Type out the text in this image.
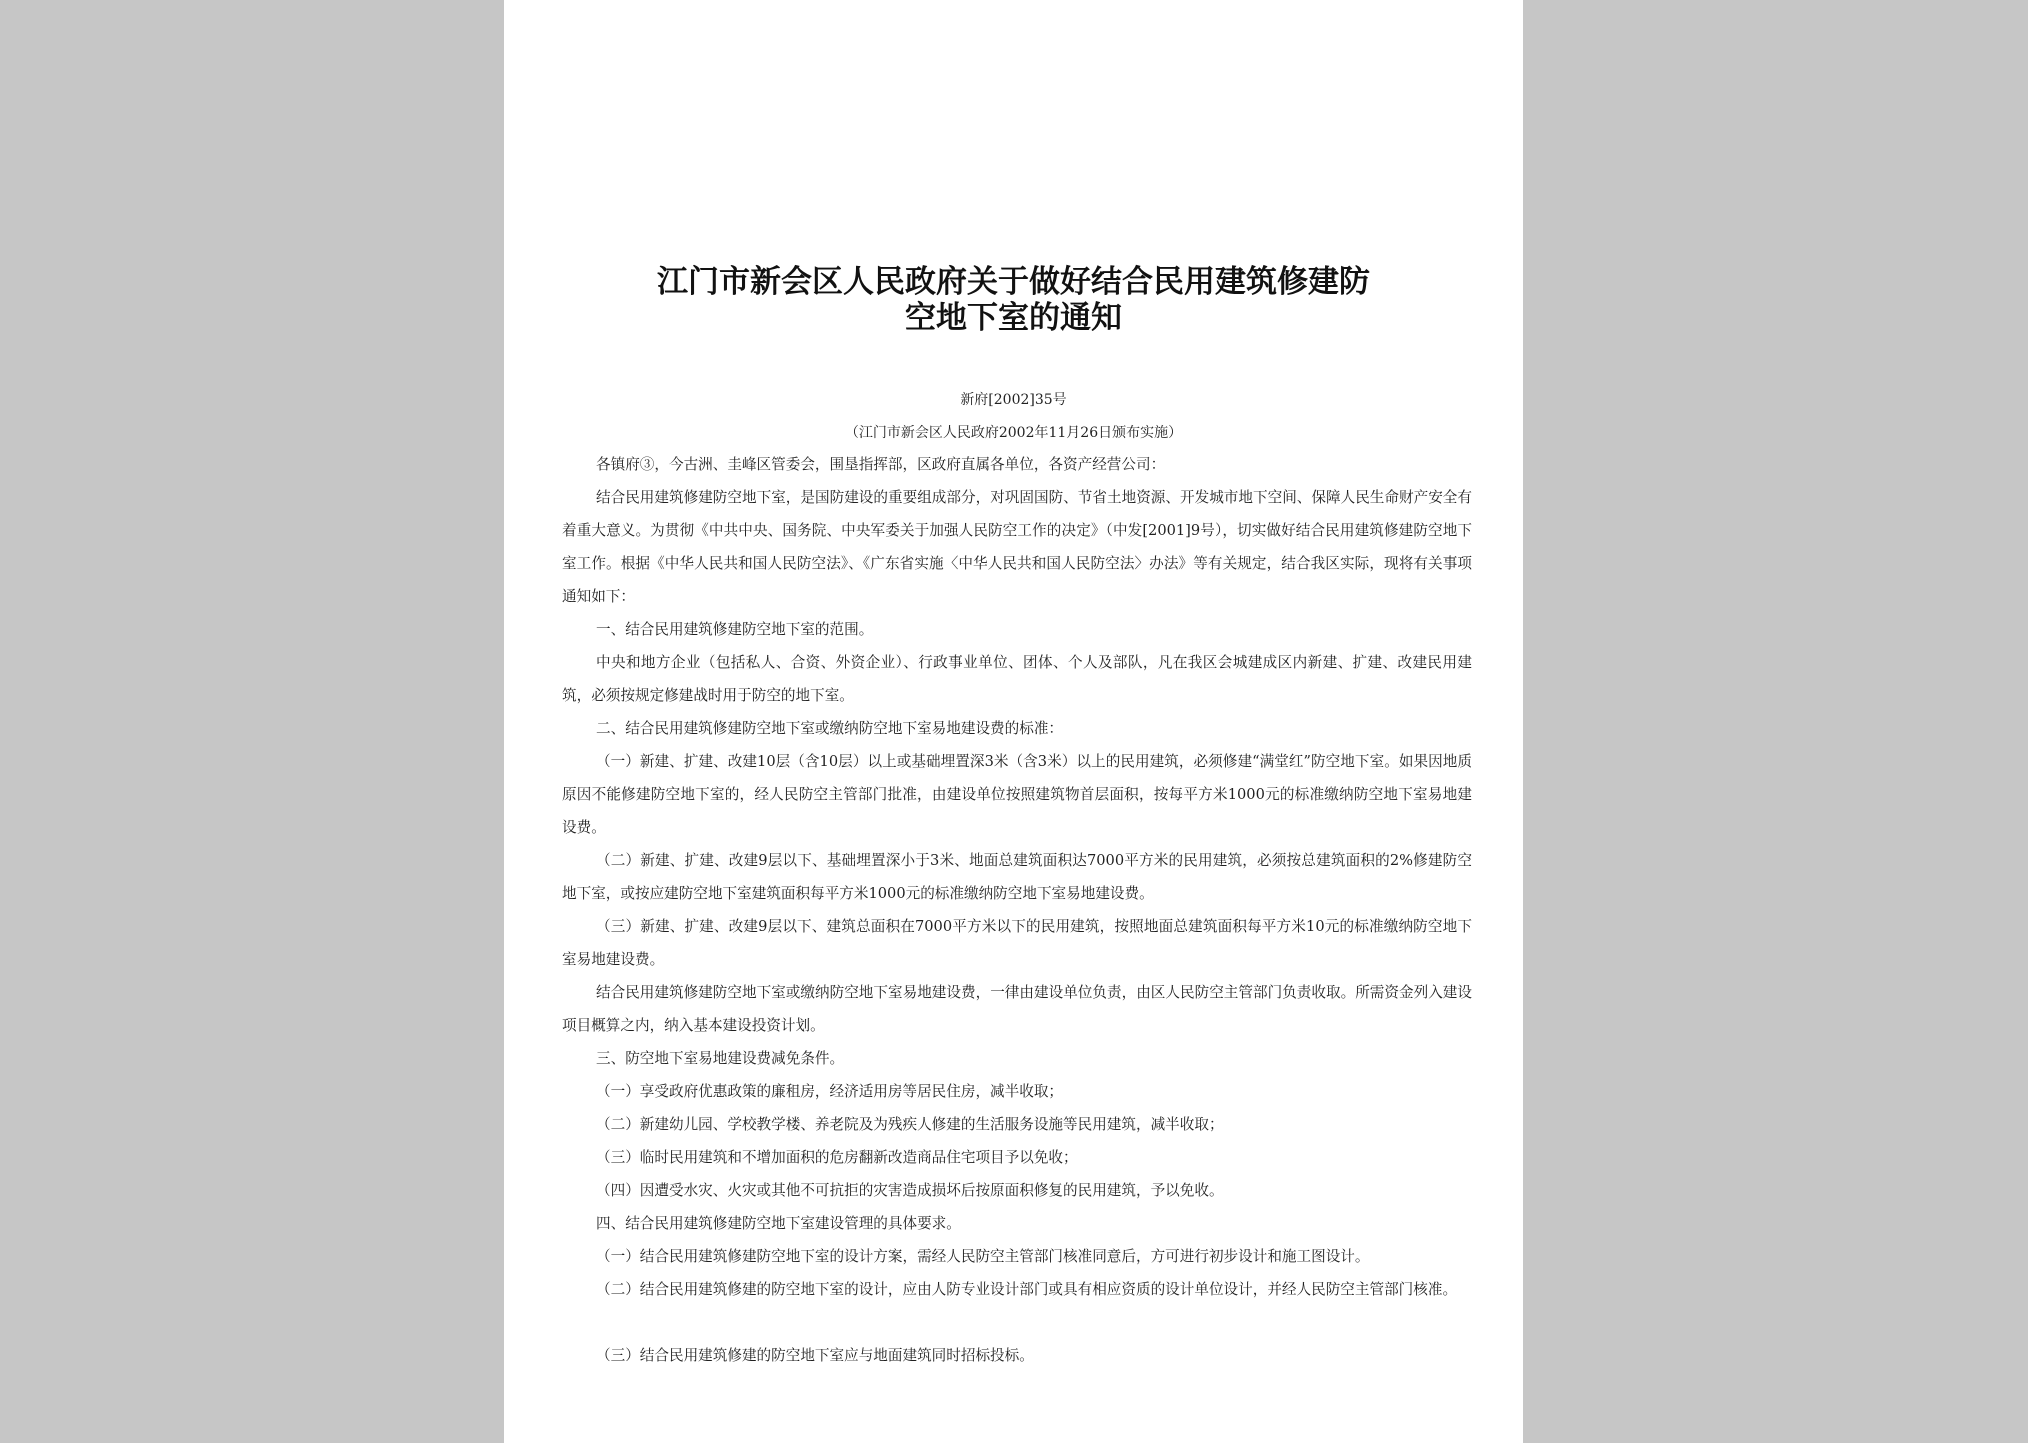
江门市新会区人民政府关于做好结合民用建筑修建防
空地下室的通知
新府[2002]35号
（江门市新会区人民政府2002年11月26日颁布实施）

各镇府③，今古洲、圭峰区管委会，围垦指挥部，区政府直属各单位，各资产经营公司：

结合民用建筑修建防空地下室，是国防建设的重要组成部分，对巩固国防、节省土地资源、开发城市地下空间、保障人民生命财产安全有着重大意义。为贯彻《中共中央、国务院、中央军委关于加强人民防空工作的决定》（中发[2001]9号），切实做好结合民用建筑修建防空地下室工作。根据《中华人民共和国人民防空法》、《广东省实施〈中华人民共和国人民防空法〉办法》等有关规定，结合我区实际，现将有关事项通知如下：

一、结合民用建筑修建防空地下室的范围。

中央和地方企业（包括私人、合资、外资企业）、行政事业单位、团体、个人及部队，凡在我区会城建成区内新建、扩建、改建民用建筑，必须按规定修建战时用于防空的地下室。

二、结合民用建筑修建防空地下室或缴纳防空地下室易地建设费的标准：

（一）新建、扩建、改建10层（含10层）以上或基础埋置深3米（含3米）以上的民用建筑，必须修建“满堂红”防空地下室。如果因地质原因不能修建防空地下室的，经人民防空主管部门批准，由建设单位按照建筑物首层面积，按每平方米1000元的标准缴纳防空地下室易地建设费。

（二）新建、扩建、改建9层以下、基础埋置深小于3米、地面总建筑面积达7000平方米的民用建筑，必须按总建筑面积的2%修建防空地下室，或按应建防空地下室建筑面积每平方米1000元的标准缴纳防空地下室易地建设费。

（三）新建、扩建、改建9层以下、建筑总面积在7000平方米以下的民用建筑，按照地面总建筑面积每平方米10元的标准缴纳防空地下室易地建设费。

结合民用建筑修建防空地下室或缴纳防空地下室易地建设费，一律由建设单位负责，由区人民防空主管部门负责收取。所需资金列入建设项目概算之内，纳入基本建设投资计划。

三、防空地下室易地建设费减免条件。

（一）享受政府优惠政策的廉租房，经济适用房等居民住房，减半收取；

（二）新建幼儿园、学校教学楼、养老院及为残疾人修建的生活服务设施等民用建筑，减半收取；

（三）临时民用建筑和不增加面积的危房翻新改造商品住宅项目予以免收；

（四）因遭受水灾、火灾或其他不可抗拒的灾害造成损坏后按原面积修复的民用建筑，予以免收。

四、结合民用建筑修建防空地下室建设管理的具体要求。

（一）结合民用建筑修建防空地下室的设计方案，需经人民防空主管部门核准同意后，方可进行初步设计和施工图设计。

（二）结合民用建筑修建的防空地下室的设计，应由人防专业设计部门或具有相应资质的设计单位设计，并经人民防空主管部门核准。

（三）结合民用建筑修建的防空地下室应与地面建筑同时招标投标。
